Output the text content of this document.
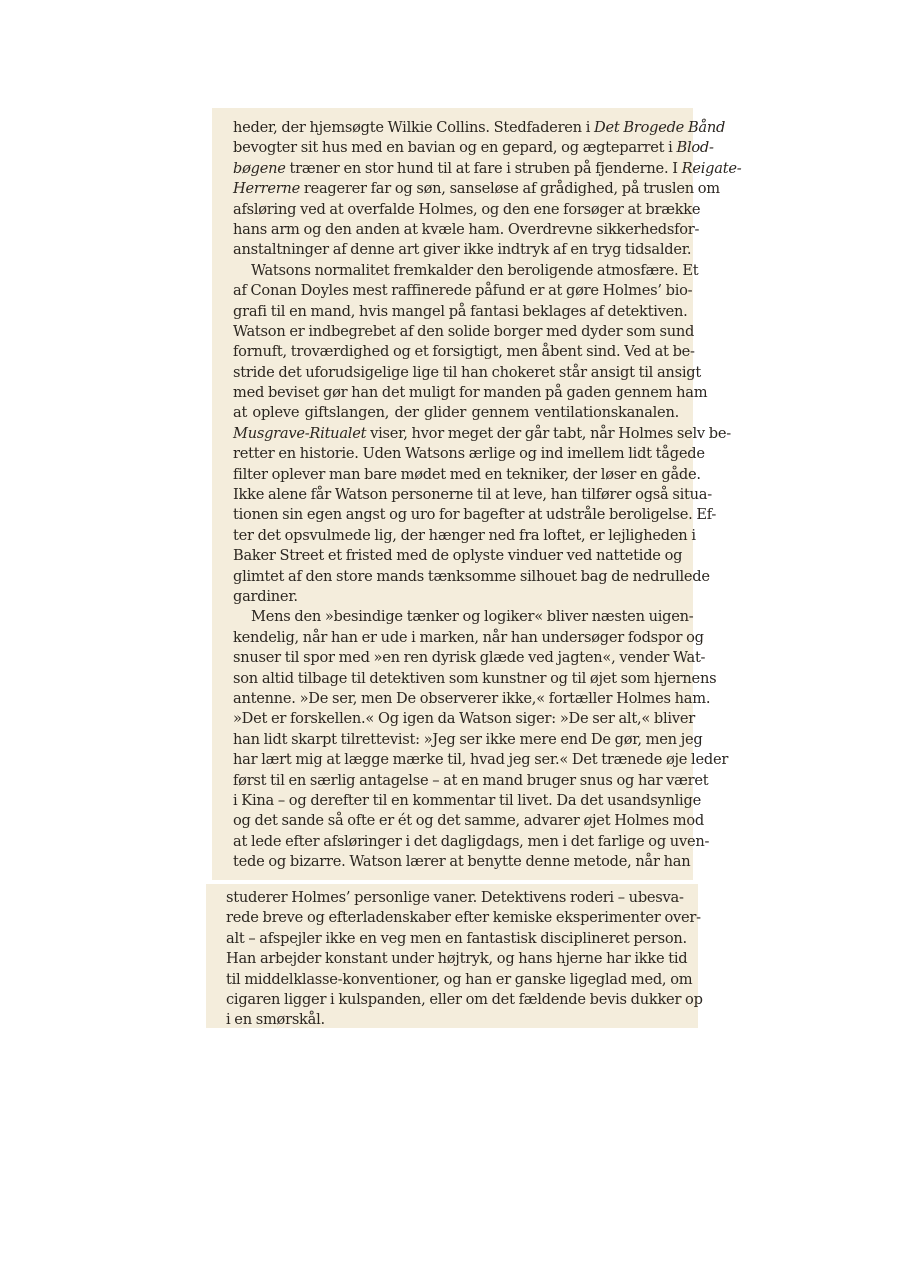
heder, der hjemsøgte Wilkie Collins. Stedfaderen i Det Brogede Bånd
bevogter sit hus med en bavian og en gepard, og ægteparret i Blod-
bøgene træner en stor hund til at fare i struben på fjenderne. I Reigate-
Herrerne reagerer far og søn, sanseløse af grådighed, på truslen om
afsløring ved at overfalde Holmes, og den ene forsøger at brække
hans arm og den anden at kvæle ham. Overdrevne sikkerhedsfor-
anstaltninger af denne art giver ikke indtryk af en tryg tidsalder.
Watsons normalitet fremkalder den beroligende atmosfære. Et
af Conan Doyles mest raffinerede påfund er at gøre Holmes’ bio-
grafi til en mand, hvis mangel på fantasi beklages af detektiven.
Watson er indbegrebet af den solide borger med dyder som sund
fornuft, troværdighed og et forsigtigt, men åbent sind. Ved at be-
stride det uforudsigelige lige til han chokeret står ansigt til ansigt
med beviset gør han det muligt for manden på gaden gennem ham
at opleve giftslangen, der glider gennem ventilationskanalen.
Musgrave-Ritualet viser, hvor meget der går tabt, når Holmes selv be-
retter en historie. Uden Watsons ærlige og ind imellem lidt tågede
filter oplever man bare mødet med en tekniker, der løser en gåde.
Ikke alene får Watson personerne til at leve, han tilfører også situa-
tionen sin egen angst og uro for bagefter at udstråle beroligelse. Ef-
ter det opsvulmede lig, der hænger ned fra loftet, er lejligheden i
Baker Street et fristed med de oplyste vinduer ved nattetide og
glimtet af den store mands tænksomme silhouet bag de nedrullede
gardiner.
Mens den »besindige tænker og logiker« bliver næsten uigen-
kendelig, når han er ude i marken, når han undersøger fodspor og
snuser til spor med »en ren dyrisk glæde ved jagten«, vender Wat-
son altid tilbage til detektiven som kunstner og til øjet som hjernens
antenne. »De ser, men De observerer ikke,« fortæller Holmes ham.
»Det er forskellen.« Og igen da Watson siger: »De ser alt,« bliver
han lidt skarpt tilrettevist: »Jeg ser ikke mere end De gør, men jeg
har lært mig at lægge mærke til, hvad jeg ser.« Det trænede øje leder
først til en særlig antagelse – at en mand bruger snus og har været
i Kina – og derefter til en kommentar til livet. Da det usandsynlige
og det sande så ofte er ét og det samme, advarer øjet Holmes mod
at lede efter afsløringer i det dagligdags, men i det farlige og uven-
tede og bizarre. Watson lærer at benytte denne metode, når han
studerer Holmes’ personlige vaner. Detektivens roderi – ubesva-
rede breve og efterladenskaber efter kemiske eksperimenter over-
alt – afspejler ikke en veg men en fantastisk disciplineret person.
Han arbejder konstant under højtryk, og hans hjerne har ikke tid
til middelklasse-konventioner, og han er ganske ligeglad med, om
cigaren ligger i kulspanden, eller om det fældende bevis dukker op
i en smørskål.
